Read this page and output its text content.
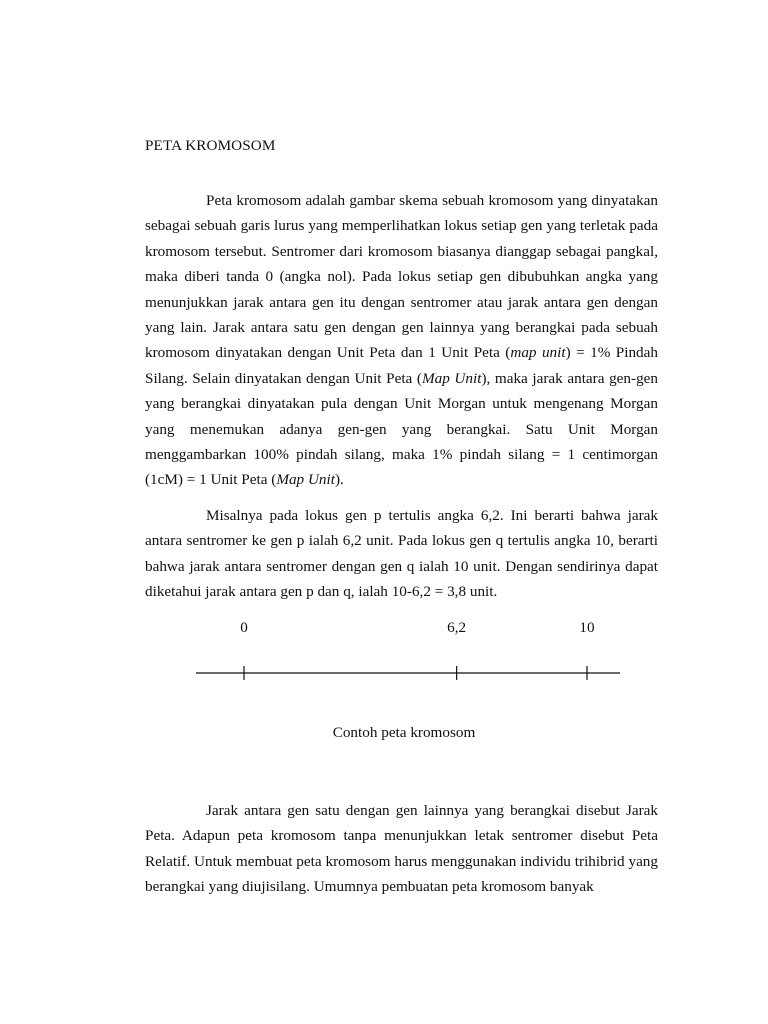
PETA KROMOSOM

Peta kromosom adalah gambar skema sebuah kromosom yang dinyatakan sebagai sebuah garis lurus yang memperlihatkan lokus setiap gen yang terletak pada kromosom tersebut. Sentromer dari kromosom biasanya dianggap sebagai pangkal, maka diberi tanda 0 (angka nol). Pada lokus setiap gen dibubuhkan angka yang menunjukkan jarak antara gen itu dengan sentromer atau jarak antara gen dengan yang lain. Jarak antara satu gen dengan gen lainnya yang berangkai pada sebuah kromosom dinyatakan dengan Unit Peta dan 1 Unit Peta (map unit) = 1% Pindah Silang. Selain dinyatakan dengan Unit Peta (Map Unit), maka jarak antara gen-gen yang berangkai dinyatakan pula dengan Unit Morgan untuk mengenang Morgan yang menemukan adanya gen-gen yang berangkai. Satu Unit Morgan menggambarkan 100% pindah silang, maka 1% pindah silang = 1 centimorgan (1cM) = 1 Unit Peta (Map Unit).

Misalnya pada lokus gen p tertulis angka 6,2. Ini berarti bahwa jarak antara sentromer ke gen p ialah 6,2 unit. Pada lokus gen q tertulis angka 10, berarti bahwa jarak antara sentromer dengan gen q ialah 10 unit. Dengan sendirinya dapat diketahui jarak antara gen p dan q, ialah 10-6,2 = 3,8 unit.

0	6,2	10
Contoh peta kromosom

Jarak antara gen satu dengan gen lainnya yang berangkai disebut Jarak Peta. Adapun peta kromosom tanpa menunjukkan letak sentromer disebut Peta Relatif. Untuk membuat peta kromosom harus menggunakan individu trihibrid yang berangkai yang diujisilang. Umumnya pembuatan peta kromosom banyak
